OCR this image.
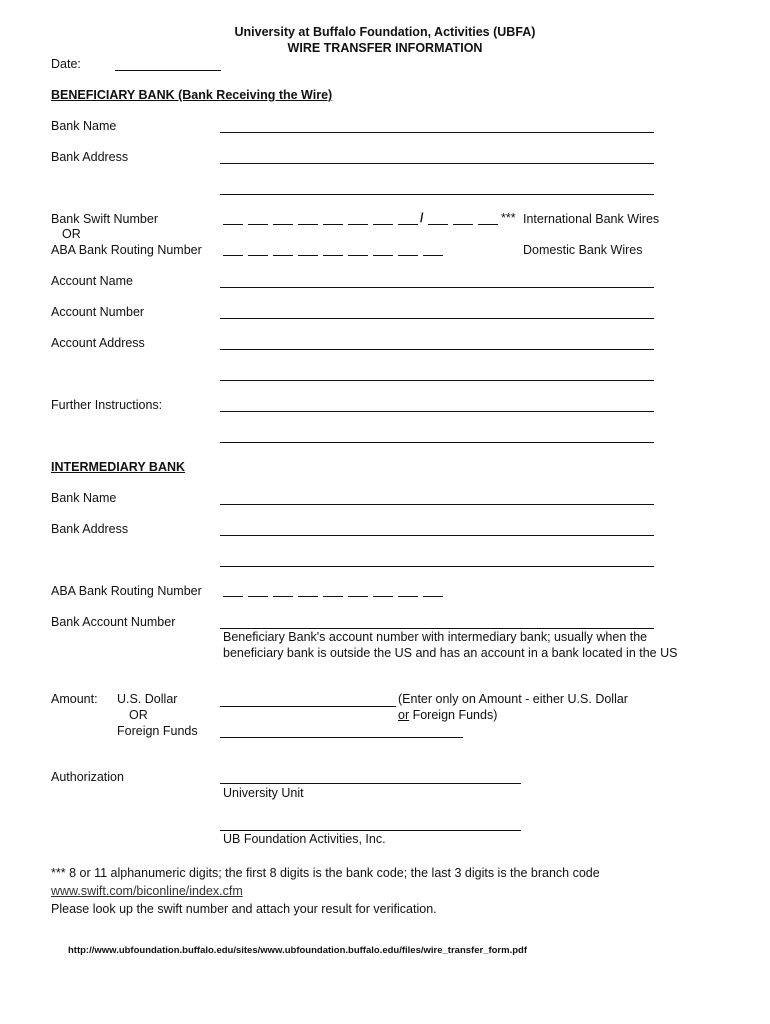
University at Buffalo Foundation, Activities (UBFA)
WIRE TRANSFER INFORMATION
Date:
BENEFICIARY BANK (Bank Receiving the Wire)
Bank Name
Bank Address
Bank Swift Number
OR
ABA Bank Routing Number
/	*** International Bank Wires
Domestic Bank Wires
Account Name
Account Number
Account Address
Further Instructions:
INTERMEDIARY BANK
Bank Name
Bank Address
ABA Bank Routing Number
Bank Account Number
Beneficiary Bank's account number with intermediary bank; usually when the
beneficiary bank is outside the US and has an account in a bank located in the US
Amount: U.S. Dollar
OR
Foreign Funds
(Enter only on Amount - either U.S. Dollar
or Foreign Funds)
Authorization
University Unit
UB Foundation Activities, Inc.
*** 8 or 11 alphanumeric digits; the first 8 digits is the bank code; the last 3 digits is the branch code
www.swift.com/biconline/index.cfm
Please look up the swift number and attach your result for verification.
http://www.ubfoundation.buffalo.edu/sites/www.ubfoundation.buffalo.edu/files/wire_transfer_form.pdf
